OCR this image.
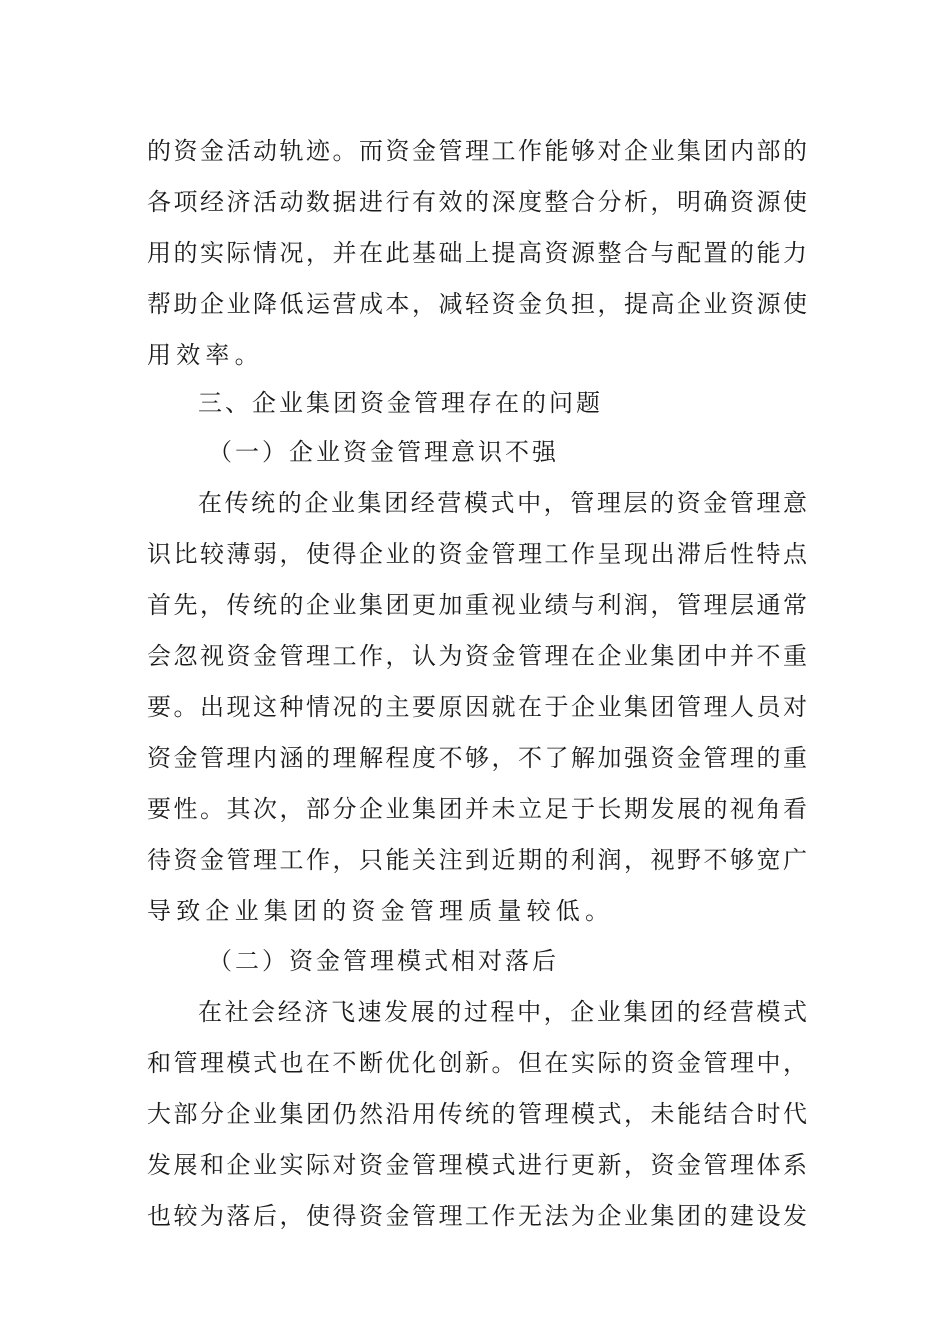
的资金活动轨迹。而资金管理工作能够对企业集团内部的
各项经济活动数据进行有效的深度整合分析，明确资源使
用的实际情况，并在此基础上提高资源整合与配置的能力
帮助企业降低运营成本，减轻资金负担，提高企业资源使
用效率。
三、企业集团资金管理存在的问题
（一）企业资金管理意识不强
在传统的企业集团经营模式中，管理层的资金管理意
识比较薄弱，使得企业的资金管理工作呈现出滞后性特点
首先，传统的企业集团更加重视业绩与利润，管理层通常
会忽视资金管理工作，认为资金管理在企业集团中并不重
要。出现这种情况的主要原因就在于企业集团管理人员对
资金管理内涵的理解程度不够，不了解加强资金管理的重
要性。其次，部分企业集团并未立足于长期发展的视角看
待资金管理工作，只能关注到近期的利润，视野不够宽广
导致企业集团的资金管理质量较低。
（二）资金管理模式相对落后
在社会经济飞速发展的过程中，企业集团的经营模式
和管理模式也在不断优化创新。但在实际的资金管理中，
大部分企业集团仍然沿用传统的管理模式，未能结合时代
发展和企业实际对资金管理模式进行更新，资金管理体系
也较为落后，使得资金管理工作无法为企业集团的建设发
